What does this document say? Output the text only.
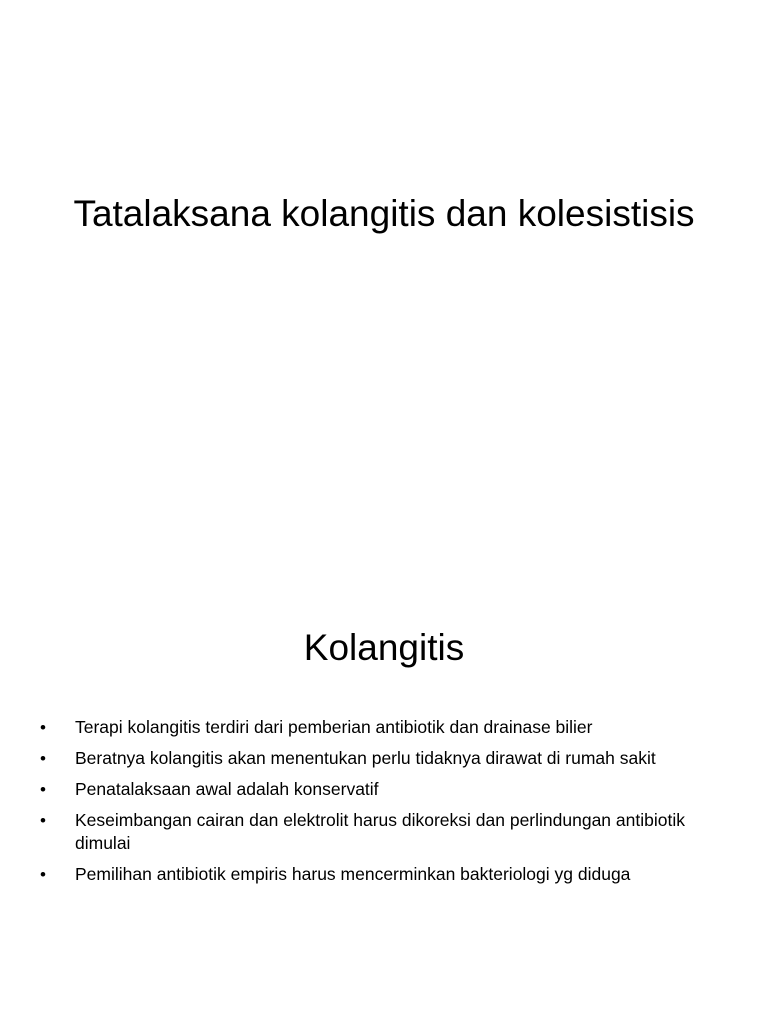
Tatalaksana kolangitis dan kolesistisis
Kolangitis
• Terapi kolangitis terdiri dari pemberian antibiotik dan drainase bilier
• Beratnya kolangitis akan menentukan perlu tidaknya dirawat di rumah sakit
• Penatalaksaan awal adalah konservatif
• Keseimbangan cairan dan elektrolit harus dikoreksi dan perlindungan antibiotik dimulai
• Pemilihan antibiotik empiris harus mencerminkan bakteriologi yg diduga
